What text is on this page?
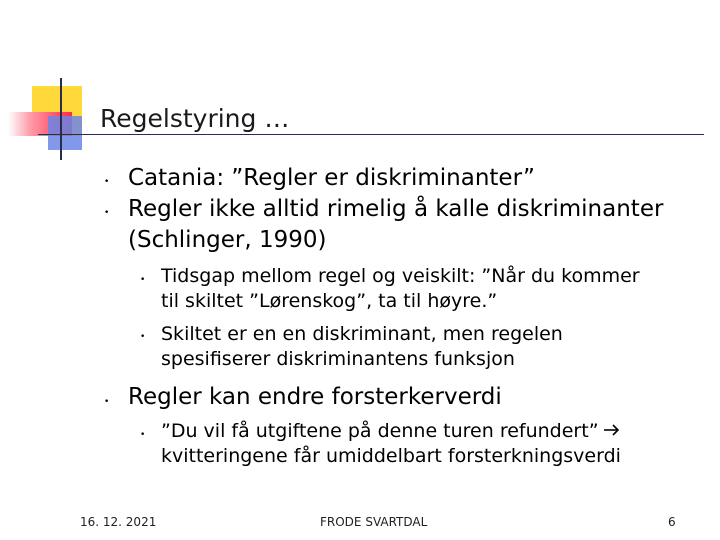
Regelstyring …
• Catania: ”Regler er diskriminanter”
• Regler ikke alltid rimelig å kalle diskriminanter
(Schlinger, 1990)
• Tidsgap mellom regel og veiskilt: ”Når du kommer
til skiltet ”Lørenskog”, ta til høyre.”
• Skiltet er en en diskriminant, men regelen
spesifiserer diskriminantens funksjon
• Regler kan endre forsterkerverdi
• ”Du vil få utgiftene på denne turen refundert”
kvitteringene får umiddelbart forsterkningsverdi
16. 12. 2021	FRODE SVARTDAL	6
